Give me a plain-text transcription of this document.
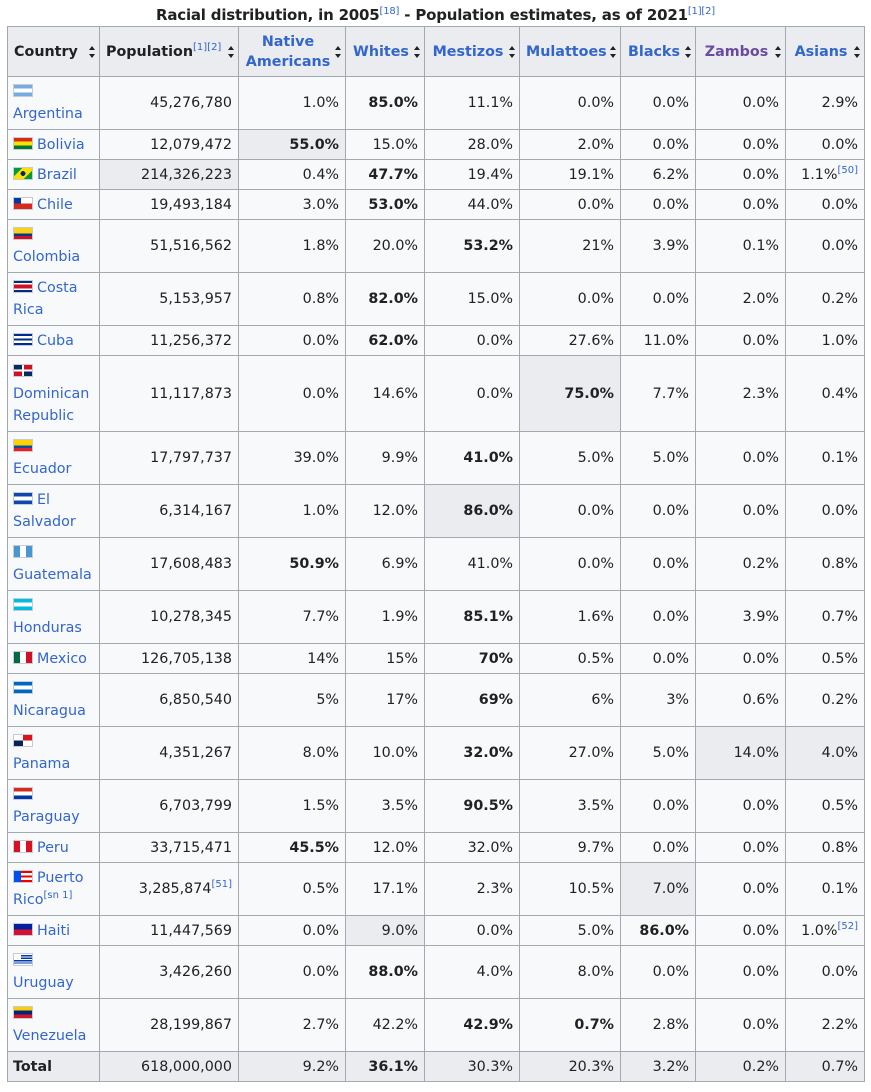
Racial distribution, in 2005[18] - Population estimates, as of 2021[1][2]
Country	Population[1][2]	Native Americans	Whites	Mestizos	Mulattoes	Blacks	Zambos	Asians

Argentina	45,276,780	1.0%	85.0%	11.1%	0.0%	0.0%	0.0%	2.9%
Bolivia	12,079,472	55.0%	15.0%	28.0%	2.0%	0.0%	0.0%	0.0%
Brazil	214,326,223	0.4%	47.7%	19.4%	19.1%	6.2%	0.0%	1.1%[50]
Chile	19,493,184	3.0%	53.0%	44.0%	0.0%	0.0%	0.0%	0.0%
Colombia	51,516,562	1.8%	20.0%	53.2%	21%	3.9%	0.1%	0.0%
Costa Rica	5,153,957	0.8%	82.0%	15.0%	0.0%	0.0%	2.0%	0.2%
Cuba	11,256,372	0.0%	62.0%	0.0%	27.6%	11.0%	0.0%	1.0%
Dominican Republic	11,117,873	0.0%	14.6%	0.0%	75.0%	7.7%	2.3%	0.4%
Ecuador	17,797,737	39.0%	9.9%	41.0%	5.0%	5.0%	0.0%	0.1%
El Salvador	6,314,167	1.0%	12.0%	86.0%	0.0%	0.0%	0.0%	0.0%
Guatemala	17,608,483	50.9%	6.9%	41.0%	0.0%	0.0%	0.2%	0.8%
Honduras	10,278,345	7.7%	1.9%	85.1%	1.6%	0.0%	3.9%	0.7%
Mexico	126,705,138	14%	15%	70%	0.5%	0.0%	0.0%	0.5%
Nicaragua	6,850,540	5%	17%	69%	6%	3%	0.6%	0.2%
Panama	4,351,267	8.0%	10.0%	32.0%	27.0%	5.0%	14.0%	4.0%
Paraguay	6,703,799	1.5%	3.5%	90.5%	3.5%	0.0%	0.0%	0.5%
Peru	33,715,471	45.5%	12.0%	32.0%	9.7%	0.0%	0.0%	0.8%
Puerto Rico[sn 1]	3,285,874[51]	0.5%	17.1%	2.3%	10.5%	7.0%	0.0%	0.1%
Haiti	11,447,569	0.0%	9.0%	0.0%	5.0%	86.0%	0.0%	1.0%[52]
Uruguay	3,426,260	0.0%	88.0%	4.0%	8.0%	0.0%	0.0%	0.0%
Venezuela	28,199,867	2.7%	42.2%	42.9%	0.7%	2.8%	0.0%	2.2%
Total	618,000,000	9.2%	36.1%	30.3%	20.3%	3.2%	0.2%	0.7%
